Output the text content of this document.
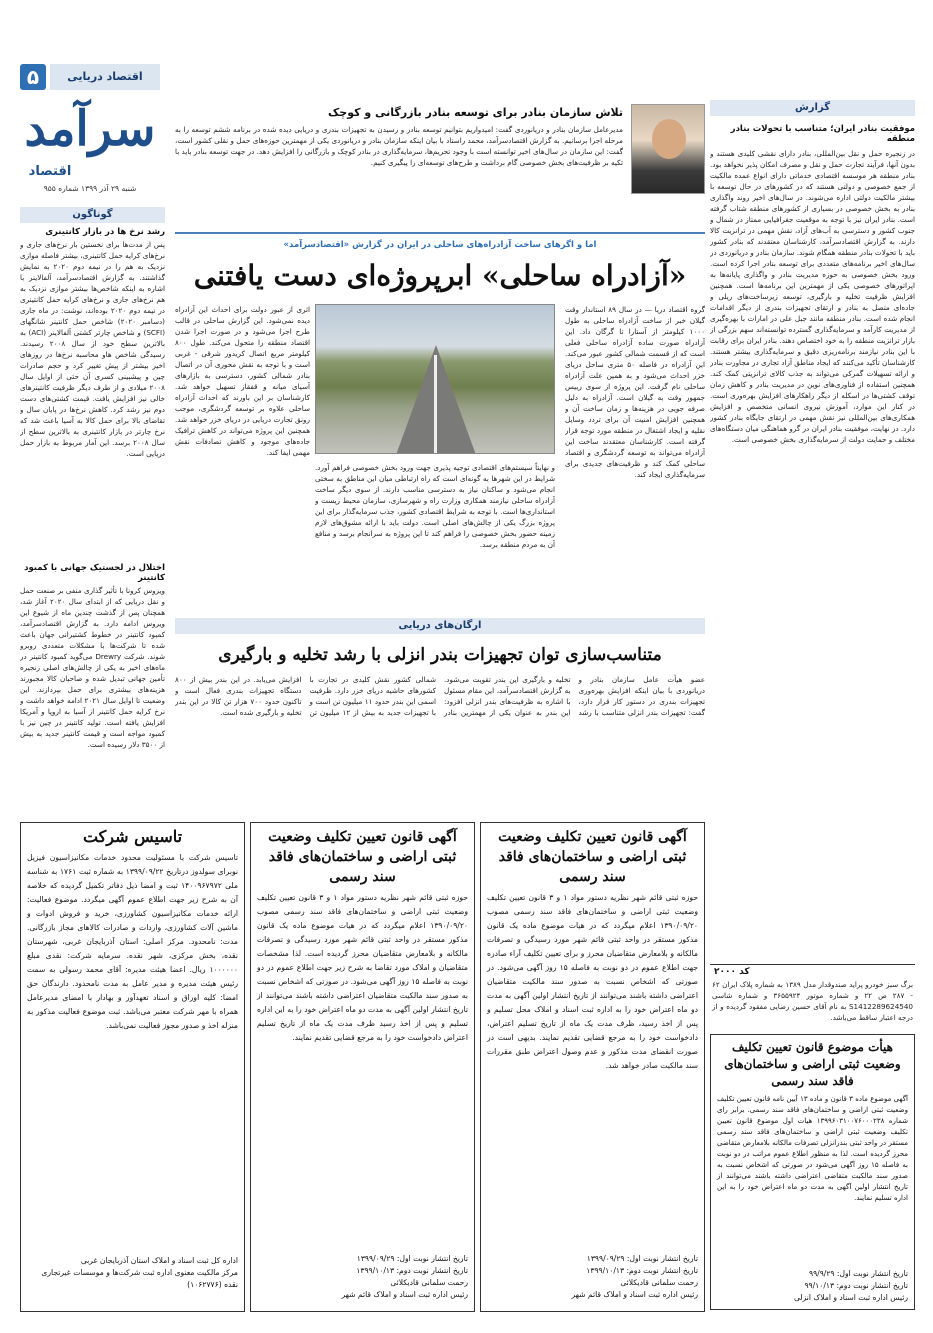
۵	اقتصاد دریایی
سرآمد
اقتصاد
شنبه ۲۹ آذر ۱۳۹۹ شماره ۹۵۵
گوناگون
رشد نرخ ها در بازار کانتینری
پس از مدت‌ها برای نخستین بار نرخ‌های جاری و نرخ‌های کرایه حمل کانتینری، بیشتر فاصله موازی نزدیک به هم را در نیمه دوم ۲۰۲۰ به نمایش گذاشتند. به گزارش اقتصادسرآمد، آلفالاینر با اشاره به اینکه شاخص‌ها بیشتر موازی نزدیک به هم نرخ‌های جاری و نرخ‌های کرایه حمل کانتینری در نیمه دوم ۲۰۲۰ بوده‌اند، نوشت: در ماه جاری (دسامبر ۲۰۲۰) شاخص حمل کانتینر شانگهای (SCFI) و شاخص چارتر کشتی آلفالاینر (ACI) به بالاترین سطح خود از سال ۲۰۰۸ رسیدند. رسیدگی شاخص هاو محاسبه نرخ‌ها در روزهای اخیر بیشتر از پیش تغییر کرد و حجم صادرات چین و پیشبینی کسری آن حتی از اوایل سال ۲۰۰۸ میلادی و از طرف دیگر ظرفیت کانتینرهای خالی نیز افزایش یافت. قیمت کشتی‌های دست دوم نیز رشد کرد. کاهش نرخ‌ها در پایان سال و تقاضای بالا برای حمل کالا به آسیا باعث شد که نرخ چارتر در بازار کانتینری به بالاترین سطح از سال ۲۰۰۸ برسد. این آمار مربوط به بازار حمل دریایی است.
اختلال در لجستیک جهانی با کمبود کانتینر
ویروس کرونا با تأثیر گذاری منفی بر صنعت حمل و نقل دریایی که از ابتدای سال ۲۰۲۰ آغاز شد، همچنان پس از گذشت چندین ماه از شیوع این ویروس ادامه دارد. به گزارش اقتصادسرآمد، کمبود کانتینر در خطوط کشتیرانی جهان باعث شده تا شرکت‌ها با مشکلات متعددی روبرو شوند. شرکت Drewry می‌گوید کمبود کانتینر در ماه‌های اخیر به یکی از چالش‌های اصلی زنجیره تأمین جهانی تبدیل شده و صاحبان کالا مجبورند هزینه‌های بیشتری برای حمل بپردازند. این وضعیت تا اوایل سال ۲۰۲۱ ادامه خواهد داشت و نرخ کرایه حمل کانتینر از آسیا به اروپا و آمریکا افزایش یافته است. تولید کانتینر در چین نیز با کمبود مواجه است و قیمت کانتینر جدید به بیش از ۳۵۰۰ دلار رسیده است.
تلاش سازمان بنادر برای توسعه بنادر بازرگانی و کوچک
مدیرعامل سازمان بنادر و دریانوردی گفت: امیدواریم بتوانیم توسعه بنادر و رسیدن به تجهیزات بندری و دریایی دیده شده در برنامه ششم توسعه را به مرحله اجرا برسانیم. به گزارش اقتصادسرآمد، محمد راستاد با بیان اینکه سازمان بنادر و دریانوردی یکی از مهمترین حوزه‌های حمل و نقلی کشور است، گفت: این سازمان در سال‌های اخیر توانسته است با وجود تحریم‌ها، سرمایه‌گذاری در بنادر کوچک و بازرگانی را افزایش دهد. در جهت توسعه بنادر باید با تکیه بر ظرفیت‌های بخش خصوصی گام برداشت و طرح‌های توسعه‌ای را پیگیری کنیم.
اما و اگرهای ساخت آزادراه‌های ساحلی در ایران در گزارش «اقتصادسرآمد»
«آزادراه ساحلی» ابرپروژه‌ای دست یافتنی
گروه اقتصاد دریا — در سال ۸۹ استاندار وقت گیلان خبر از ساخت آزادراه ساحلی به طول ۱۰۰۰ کیلومتر از آستارا تا گرگان داد. این آزادراه صورت ساده آزادراه ساحلی فعلی است که از قسمت شمالی کشور عبور می‌کند. این آزادراه در فاصله ۵۰ متری ساحل دریای خزر احداث می‌شود و به همین علت آزادراه ساحلی نام گرفت. این پروژه از سوی رییس جمهور وقت به گیلان است. آزادراه به دلیل صرفه جویی در هزینه‌ها و زمان ساخت آن و همچنین افزایش امنیت آن برای تردد وسایل نقلیه و ایجاد اشتغال در منطقه مورد توجه قرار گرفته است. کارشناسان معتقدند ساخت این آزادراه می‌تواند به توسعه گردشگری و اقتصاد ساحلی کمک کند و ظرفیت‌های جدیدی برای سرمایه‌گذاری ایجاد کند.
اثری از عبور دولت برای احداث این آزادراه دیده نمی‌شود. این گزارش ساحلی در قالب طرح اجرا می‌شود و در صورت اجرا شدن اقتصاد منطقه را متحول می‌کند. طول ۸۰۰ کیلومتر مربع اتصال کریدور شرقی - غربی است و با توجه به نقش محوری آن در اتصال بنادر شمالی کشور، دسترسی به بازارهای آسیای میانه و قفقاز تسهیل خواهد شد. کارشناسان بر این باورند که احداث آزادراه ساحلی علاوه بر توسعه گردشگری، موجب رونق تجارت دریایی در دریای خزر خواهد شد. همچنین این پروژه می‌تواند در کاهش ترافیک جاده‌های موجود و کاهش تصادفات نقش مهمی ایفا کند.
و نهایتاً سیستم‌های اقتصادی توجیه پذیری جهت ورود بخش خصوصی فراهم آورد. شرایط در این شهرها به گونه‌ای است که راه ارتباطی میان این مناطق به سختی انجام می‌شود و ساکنان نیاز به دسترسی مناسب دارند. از سوی دیگر ساخت آزادراه ساحلی نیازمند همکاری وزارت راه و شهرسازی، سازمان محیط زیست و استانداری‌ها است. با توجه به شرایط اقتصادی کشور، جذب سرمایه‌گذار برای این پروژه بزرگ یکی از چالش‌های اصلی است. دولت باید با ارائه مشوق‌های لازم زمینه حضور بخش خصوصی را فراهم کند تا این پروژه به سرانجام برسد و منافع آن به مردم منطقه برسد.
ارگان‌های دریایی
متناسب‌سازی توان تجهیزات بندر انزلی با رشد تخلیه و بارگیری
عضو هیأت عامل سازمان بنادر و دریانوردی با بیان اینکه افزایش بهره‌وری تجهیزات بندری در دستور کار قرار دارد، گفت: تجهیزات بندر انزلی متناسب با رشد تخلیه و بارگیری این بندر تقویت می‌شود. به گزارش اقتصادسرآمد، این مقام مسئول با اشاره به ظرفیت‌های بندر انزلی افزود: این بندر به عنوان یکی از مهمترین بنادر شمالی کشور نقش کلیدی در تجارت با کشورهای حاشیه دریای خزر دارد. ظرفیت اسمی این بندر حدود ۱۱ میلیون تن است و با تجهیزات جدید به بیش از ۱۲ میلیون تن افزایش می‌یابد. در این بندر بیش از ۸۰۰ دستگاه تجهیزات بندری فعال است و تاکنون حدود ۷۰۰ هزار تن کالا در این بندر تخلیه و بارگیری شده است.
گزارش
موفقیت بنادر ایران؛ متناسب با تحولات بنادر منطقه
در زنجیره حمل و نقل بین‌المللی، بنادر دارای نقشی کلیدی هستند و بدون آنها، فرآیند تجارت حمل و نقل و مصرف امکان پذیر نخواهد بود. بنادر منطقه هر موسسه اقتصادی خدماتی دارای انواع عمده مالکیت از جمع خصوصی و دولتی هستند که در کشورهای در حال توسعه با بیشتر مالکیت دولتی اداره می‌شوند. در سال‌های اخیر روند واگذاری بنادر به بخش خصوصی در بسیاری از کشورهای منطقه شتاب گرفته است. بنادر ایران نیز با توجه به موقعیت جغرافیایی ممتاز در شمال و جنوب کشور و دسترسی به آب‌های آزاد، نقش مهمی در ترانزیت کالا دارند. به گزارش اقتصادسرآمد، کارشناسان معتقدند که بنادر کشور باید با تحولات بنادر منطقه همگام شوند. سازمان بنادر و دریانوردی در سال‌های اخیر برنامه‌های متعددی برای توسعه بنادر اجرا کرده است. ورود بخش خصوصی به حوزه مدیریت بنادر و واگذاری پایانه‌ها به اپراتورهای خصوصی یکی از مهمترین این برنامه‌ها است. همچنین افزایش ظرفیت تخلیه و بارگیری، توسعه زیرساخت‌های ریلی و جاده‌ای متصل به بنادر و ارتقای تجهیزات بندری از دیگر اقدامات انجام شده است. بنادر منطقه مانند جبل علی در امارات با بهره‌گیری از مدیریت کارآمد و سرمایه‌گذاری گسترده توانسته‌اند سهم بزرگی از بازار ترانزیت منطقه را به خود اختصاص دهند. بنادر ایران برای رقابت با این بنادر نیازمند برنامه‌ریزی دقیق و سرمایه‌گذاری بیشتر هستند. کارشناسان تأکید می‌کنند که ایجاد مناطق آزاد تجاری در مجاورت بنادر و ارائه تسهیلات گمرکی می‌تواند به جذب کالای ترانزیتی کمک کند. همچنین استفاده از فناوری‌های نوین در مدیریت بنادر و کاهش زمان توقف کشتی‌ها در اسکله از دیگر راهکارهای افزایش بهره‌وری است. در کنار این موارد، آموزش نیروی انسانی متخصص و افزایش همکاری‌های بین‌المللی نیز نقش مهمی در ارتقای جایگاه بنادر کشور دارد. در نهایت، موفقیت بنادر ایران در گرو هماهنگی میان دستگاه‌های مختلف و حمایت دولت از سرمایه‌گذاری بخش خصوصی است.
کد ۲۰۰۰
برگ سبز خودرو پراید صندوقدار مدل ۱۳۸۹ به شماره پلاک ایران ۶۲ - ۲۸۷ ص ۲۲ و شماره موتور ۳۶۵۵۹۲۴ و شماره شاسی S1412289624540 به نام آقای حسین رضایی مفقود گردیده و از درجه اعتبار ساقط می‌باشد.
هیأت موضوع قانون تعیین تکلیف وضعیت ثبتی اراضی و ساختمان‌های فاقد سند رسمی
آگهی موضوع ماده ۳ قانون و ماده ۱۳ آیین نامه قانون تعیین تکلیف وضعیت ثبتی اراضی و ساختمان‌های فاقد سند رسمی. برابر رای شماره ۱۳۹۹۶۰۳۱۰۰۷۶۰۰۰۲۳۸ هیات اول موضوع قانون تعیین تکلیف وضعیت ثبتی اراضی و ساختمان‌های فاقد سند رسمی مستقر در واحد ثبتی بندرانزلی تصرفات مالکانه بلامعارض متقاضی محرز گردیده است. لذا به منظور اطلاع عموم مراتب در دو نوبت به فاصله ۱۵ روز آگهی می‌شود در صورتی که اشخاص نسبت به صدور سند مالکیت متقاضی اعتراضی داشته باشند می‌توانند از تاریخ انتشار اولین آگهی به مدت دو ماه اعتراض خود را به این اداره تسلیم نمایند.
تاریخ انتشار نوبت اول: ۹۹/۹/۲۹
تاریخ انتشار نوبت دوم: ۹۹/۱۰/۱۳
رئیس اداره ثبت اسناد و املاک انزلی
آگهی قانون تعیین تکلیف وضعیت ثبتی اراضی و ساختمان‌های فاقد سند رسمی
حوزه ثبتی قائم شهر نظریه دستور مواد ۱ و ۳ قانون تعیین تکلیف وضعیت ثبتی اراضی و ساختمان‌های فاقد سند رسمی مصوب ۱۳۹۰/۰۹/۲۰ اعلام میگردد که در هیات موضوع ماده یک قانون مذکور مستقر در واحد ثبتی قائم شهر مورد رسیدگی و تصرفات مالکانه و بلامعارض متقاضیان محرز و برای تعیین تکلیف آراء صادره جهت اطلاع عموم در دو نوبت به فاصله ۱۵ روز آگهی می‌شود. در صورتی که اشخاص نسبت به صدور سند مالکیت متقاضیان اعتراضی داشته باشند می‌توانند از تاریخ انتشار اولین آگهی به مدت دو ماه اعتراض خود را به اداره ثبت اسناد و املاک محل تسلیم و پس از اخذ رسید، ظرف مدت یک ماه از تاریخ تسلیم اعتراض، دادخواست خود را به مرجع قضایی تقدیم نمایند. بدیهی است در صورت انقضای مدت مذکور و عدم وصول اعتراض طبق مقررات سند مالکیت صادر خواهد شد.
تاریخ انتشار نوبت اول: ۱۳۹۹/۰۹/۲۹
تاریخ انتشار نوبت دوم: ۱۳۹۹/۱۰/۱۳
رحمت سلمانی قادیکلائی
رئیس اداره ثبت اسناد و املاک قائم شهر
آگهی قانون تعیین تکلیف وضعیت ثبتی اراضی و ساختمان‌های فاقد سند رسمی
حوزه ثبتی قائم شهر نظریه دستور مواد ۱ و ۳ قانون تعیین تکلیف وضعیت ثبتی اراضی و ساختمان‌های فاقد سند رسمی مصوب ۱۳۹۰/۰۹/۲۰ اعلام میگردد که در هیات موضوع ماده یک قانون مذکور مستقر در واحد ثبتی قائم شهر مورد رسیدگی و تصرفات مالکانه و بلامعارض متقاضیان محرز گردیده است. لذا مشخصات متقاضیان و املاک مورد تقاضا به شرح زیر جهت اطلاع عموم در دو نوبت به فاصله ۱۵ روز آگهی می‌شود. در صورتی که اشخاص نسبت به صدور سند مالکیت متقاضیان اعتراضی داشته باشند می‌توانند از تاریخ انتشار اولین آگهی به مدت دو ماه اعتراض خود را به این اداره تسلیم و پس از اخذ رسید ظرف مدت یک ماه از تاریخ تسلیم اعتراض دادخواست خود را به مرجع قضایی تقدیم نمایند.
تاریخ انتشار نوبت اول: ۱۳۹۹/۰۹/۲۹
تاریخ انتشار نوبت دوم: ۱۳۹۹/۱۰/۱۳
رحمت سلمانی قادیکلائی
رئیس اداره ثبت اسناد و املاک قائم شهر
تاسیس شرکت
تاسیس شرکت با مسئولیت محدود خدمات مکانیزاسیون فیزیل نوبرای سولدوز درتاریخ ۱۳۹۹/۰۹/۲۲ به شماره ثبت ۱۷۶۱ به شناسه ملی ۱۴۰۰۹۶۷۹۷۲ ثبت و امضا ذیل دفاتر تکمیل گردیده که خلاصه آن به شرح زیر جهت اطلاع عموم آگهی میگردد. موضوع فعالیت: ارائه خدمات مکانیزاسیون کشاورزی، خرید و فروش ادوات و ماشین آلات کشاورزی، واردات و صادرات کالاهای مجاز بازرگانی. مدت: نامحدود. مرکز اصلی: استان آذربایجان غربی، شهرستان نقده، بخش مرکزی، شهر نقده. سرمایه شرکت: نقدی مبلغ ۱۰۰۰۰۰۰ ریال. اعضا هیئت مدیره: آقای محمد رسولی به سمت رئیس هیئت مدیره و مدیر عامل به مدت نامحدود. دارندگان حق امضا: کلیه اوراق و اسناد تعهدآور و بهادار با امضای مدیرعامل همراه با مهر شرکت معتبر می‌باشد. ثبت موضوع فعالیت مذکور به منزله اخذ و صدور مجوز فعالیت نمی‌باشد.
اداره کل ثبت اسناد و املاک استان آذربایجان غربی
مرکز مالکیت معنوی اداره ثبت شرکت‌ها و موسسات غیرتجاری نقده (۱۰۶۲۷۷۶)
